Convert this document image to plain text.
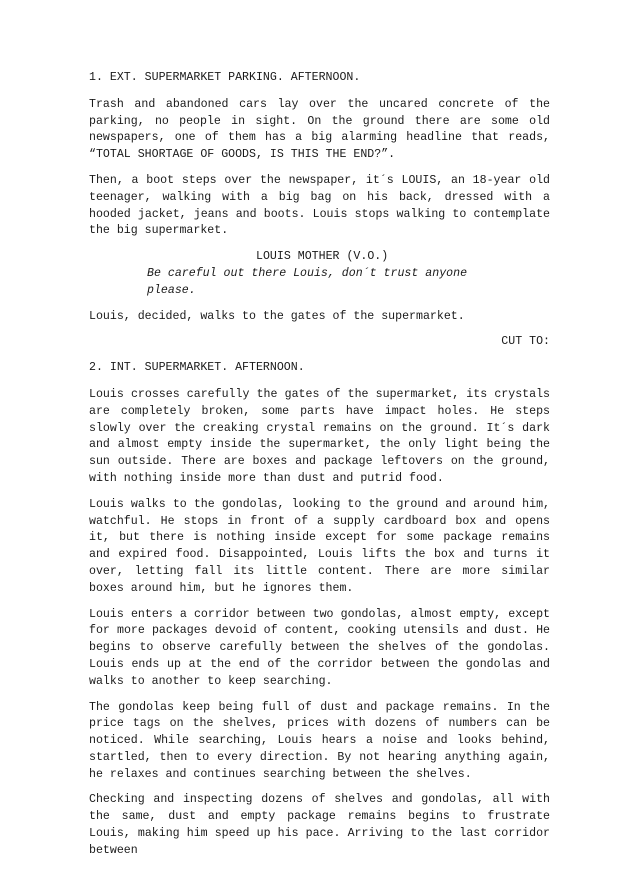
1. EXT. SUPERMARKET PARKING. AFTERNOON.

Trash and abandoned cars lay over the uncared concrete of the parking, no people in sight. On the ground there are some old newspapers, one of them has a big alarming headline that reads, “TOTAL SHORTAGE OF GOODS, IS THIS THE END?”.

Then, a boot steps over the newspaper, it´s LOUIS, an 18-year old teenager, walking with a big bag on his back, dressed with a hooded jacket, jeans and boots. Louis stops walking to contemplate the big supermarket.

LOUIS MOTHER (V.O.)

Be careful out there Louis, don´t trust anyone please.

Louis, decided, walks to the gates of the supermarket.

CUT TO:

2. INT. SUPERMARKET. AFTERNOON.

Louis crosses carefully the gates of the supermarket, its crystals are completely broken, some parts have impact holes. He steps slowly over the creaking crystal remains on the ground. It´s dark and almost empty inside the supermarket, the only light being the sun outside. There are boxes and package leftovers on the ground, with nothing inside more than dust and putrid food.

Louis walks to the gondolas, looking to the ground and around him, watchful. He stops in front of a supply cardboard box and opens it, but there is nothing inside except for some package remains and expired food. Disappointed, Louis lifts the box and turns it over, letting fall its little content. There are more similar boxes around him, but he ignores them.

Louis enters a corridor between two gondolas, almost empty, except for more packages devoid of content, cooking utensils and dust. He begins to observe carefully between the shelves of the gondolas. Louis ends up at the end of the corridor between the gondolas and walks to another to keep searching.

The gondolas keep being full of dust and package remains. In the price tags on the shelves, prices with dozens of numbers can be noticed. While searching, Louis hears a noise and looks behind, startled, then to every direction. By not hearing anything again, he relaxes and continues searching between the shelves.

Checking and inspecting dozens of shelves and gondolas, all with the same, dust and empty package remains begins to frustrate Louis, making him speed up his pace. Arriving to the last corridor between
